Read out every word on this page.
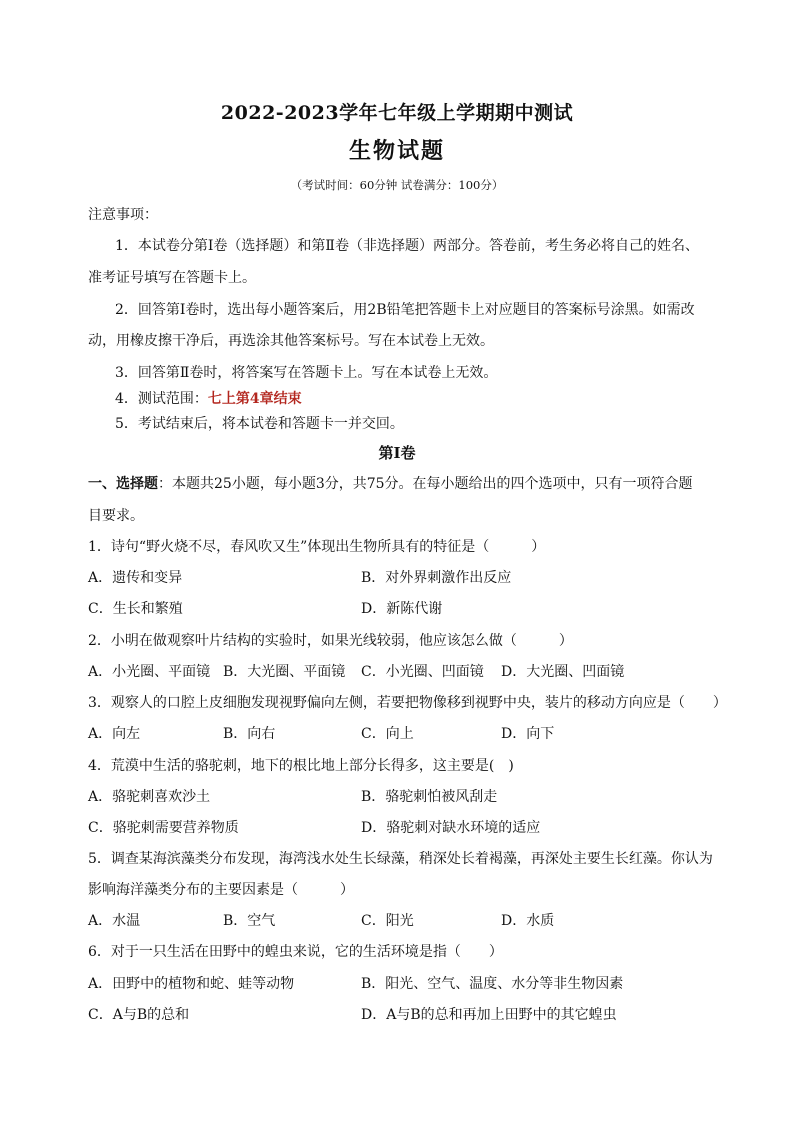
2022-2023学年七年级上学期期中测试
生物试题
（考试时间：60分钟 试卷满分：100分）
注意事项：
1．本试卷分第Ⅰ卷（选择题）和第Ⅱ卷（非选择题）两部分。答卷前，考生务必将自己的姓名、
准考证号填写在答题卡上。
2．回答第Ⅰ卷时，选出每小题答案后，用2B铅笔把答题卡上对应题目的答案标号涂黑。如需改
动，用橡皮擦干净后，再选涂其他答案标号。写在本试卷上无效。
3．回答第Ⅱ卷时，将答案写在答题卡上。写在本试卷上无效。
4．测试范围：七上第4章结束
5．考试结束后，将本试卷和答题卡一并交回。
第Ⅰ卷
一、选择题：本题共25小题，每小题3分，共75分。在每小题给出的四个选项中，只有一项符合题
目要求。
1．诗句“野火烧不尽，春风吹又生”体现出生物所具有的特征是（　　　）
A．遗传和变异	B．对外界刺激作出反应
C．生长和繁殖	D．新陈代谢
2．小明在做观察叶片结构的实验时，如果光线较弱，他应该怎么做（　　　）
A．小光圈、平面镜 B．大光圈、平面镜 C．小光圈、凹面镜 D．大光圈、凹面镜
3．观察人的口腔上皮细胞发现视野偏向左侧，若要把物像移到视野中央，装片的移动方向应是（　　）
A．向左	B．向右	C．向上	D．向下
4．荒漠中生活的骆驼刺，地下的根比地上部分长得多，这主要是(　)
A．骆驼刺喜欢沙土	B．骆驼刺怕被风刮走
C．骆驼刺需要营养物质	D．骆驼刺对缺水环境的适应
5．调查某海滨藻类分布发现，海湾浅水处生长绿藻，稍深处长着褐藻，再深处主要生长红藻。你认为
影响海洋藻类分布的主要因素是（　　　）
A．水温	B．空气	C．阳光	D．水质
6．对于一只生活在田野中的蝗虫来说，它的生活环境是指（　　）
A．田野中的植物和蛇、蛙等动物	B．阳光、空气、温度、水分等非生物因素
C．A与B的总和	D．A与B的总和再加上田野中的其它蝗虫
